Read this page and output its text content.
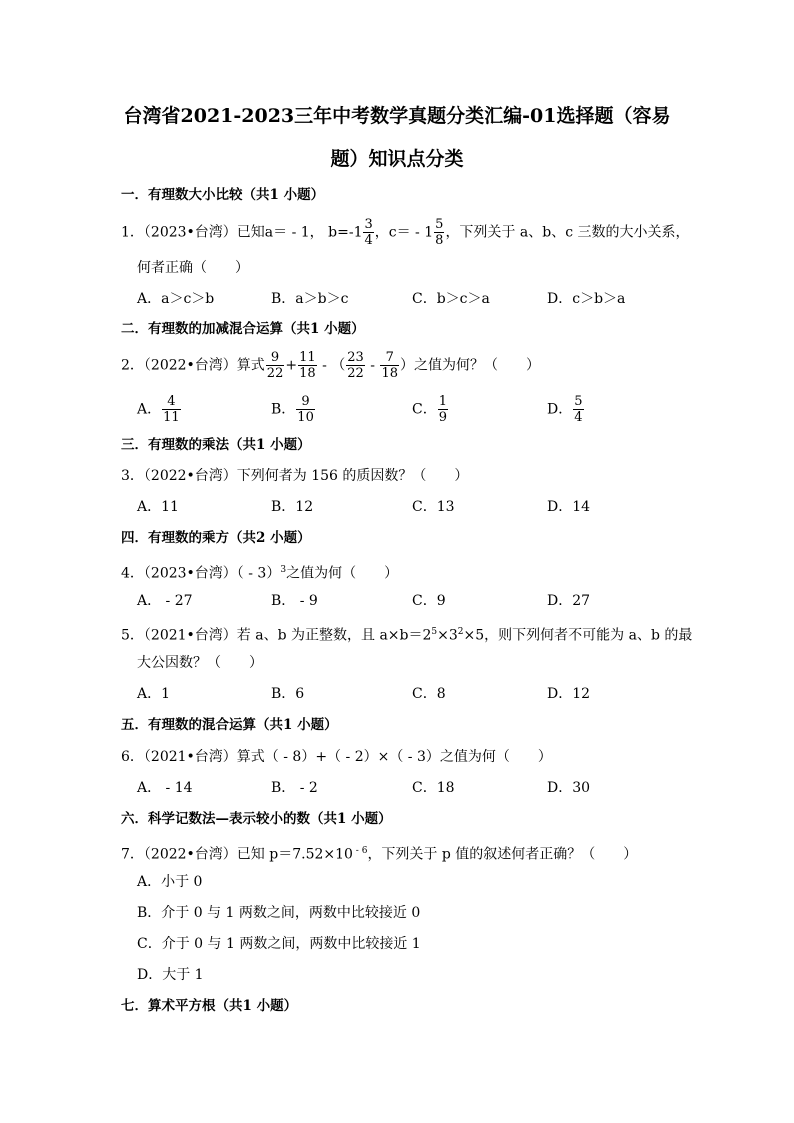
台湾省2021-2023三年中考数学真题分类汇编-01选择题（容易
题）知识点分类
一．有理数大小比较（共1 小题）
1．（2023•台湾）已知a＝ - 1， $b=-1 \frac{3}{4}$ ，$c= - 1 \frac{5}{8}$ ，下列关于 a、b、c 三数的大小关系，
何者正确（　　）
A．a＞c＞b	B．a＞b＞c	C．b＞c＞a	D．c＞b＞a
二．有理数的加减混合运算（共1 小题）
2．（2022•台湾）算式 $\frac{9}{22} + \frac{11}{18}$ - （ $\frac{23}{22} - \frac{7}{18}$ ）之值为何？（　　）
A． $\frac{4}{11}$	B． $\frac{9}{10}$	C． $\frac{1}{9}$	D． $\frac{5}{4}$
三．有理数的乘法（共1 小题）
3．（2022•台湾）下列何者为 156 的质因数？（　　）
A．11	B．12	C．13	D．14
四．有理数的乘方（共2 小题）
4．（2023•台湾）（ - 3）$^3$之值为何（　　）
A． - 27	B． - 9	C．9	D．27
5．（2021•台湾）若 a、b 为正整数，且 $a\times b=2^5\times 3^2\times 5$，则下列何者不可能为 a、b 的最
大公因数？（　　）
A．1	B．6	C．8	D．12
五．有理数的混合运算（共1 小题）
6．（2021•台湾）算式（ - 8）+（ - 2）×（ - 3）之值为何（　　）
A． - 14	B． - 2	C．18	D．30
六．科学记数法—表示较小的数（共1 小题）
7．（2022•台湾）已知 p＝7.52×10 $^{- 6}$，下列关于 p 值的叙述何者正确？（　　）
A．小于 0
B．介于 0 与 1 两数之间，两数中比较接近 0
C．介于 0 与 1 两数之间，两数中比较接近 1
D．大于 1
七．算术平方根（共1 小题）
